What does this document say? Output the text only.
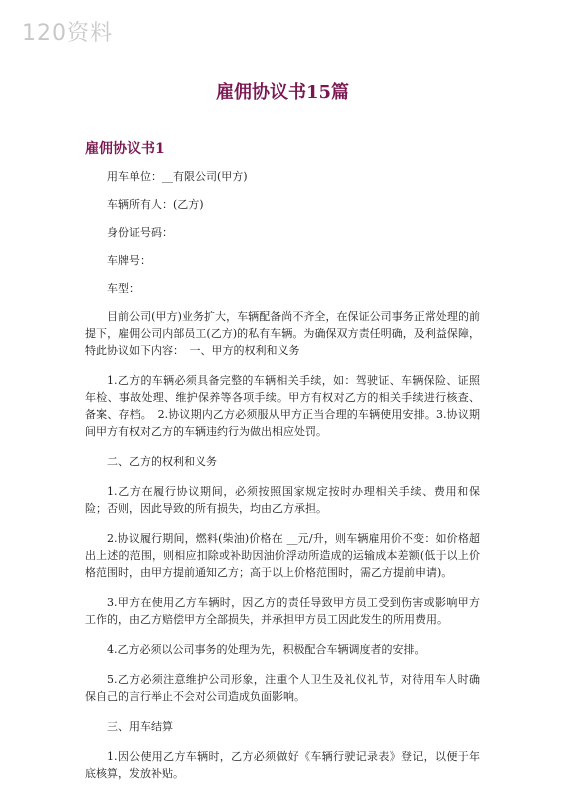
120资料
雇佣协议书15篇
雇佣协议书1

用车单位：__有限公司(甲方)

车辆所有人：(乙方)

身份证号码：

车牌号：

车型：

目前公司(甲方)业务扩大，车辆配备尚不齐全，在保证公司事务正常处理的前提下，雇佣公司内部员工(乙方)的私有车辆。为确保双方责任明确，及利益保障，特此协议如下内容：　一、甲方的权利和义务

1.乙方的车辆必须具备完整的车辆相关手续，如：驾驶证、车辆保险、证照年检、事故处理、维护保养等各项手续。甲方有权对乙方的相关手续进行核查、备案、存档。　2.协议期内乙方必须服从甲方正当合理的车辆使用安排。3.协议期间甲方有权对乙方的车辆违约行为做出相应处罚。

二、乙方的权利和义务

1.乙方在履行协议期间，必须按照国家规定按时办理相关手续、费用和保险；否则，因此导致的所有损失，均由乙方承担。

2.协议履行期间，燃料(柴油)价格在 __元/升，则车辆雇用价不变：如价格超出上述的范围，则相应扣除或补助因油价浮动所造成的运输成本差额(低于以上价格范围时，由甲方提前通知乙方；高于以上价格范围时，需乙方提前申请)。

3.甲方在使用乙方车辆时，因乙方的责任导致甲方员工受到伤害或影响甲方工作的，由乙方赔偿甲方全部损失，并承担甲方员工因此发生的所用费用。

4.乙方必须以公司事务的处理为先，积极配合车辆调度者的安排。

5.乙方必须注意维护公司形象，注重个人卫生及礼仪礼节，对待用车人时确保自己的言行举止不会对公司造成负面影响。

三、用车结算

1.因公使用乙方车辆时，乙方必须做好《车辆行驶记录表》登记，以便于年底核算，发放补贴。
